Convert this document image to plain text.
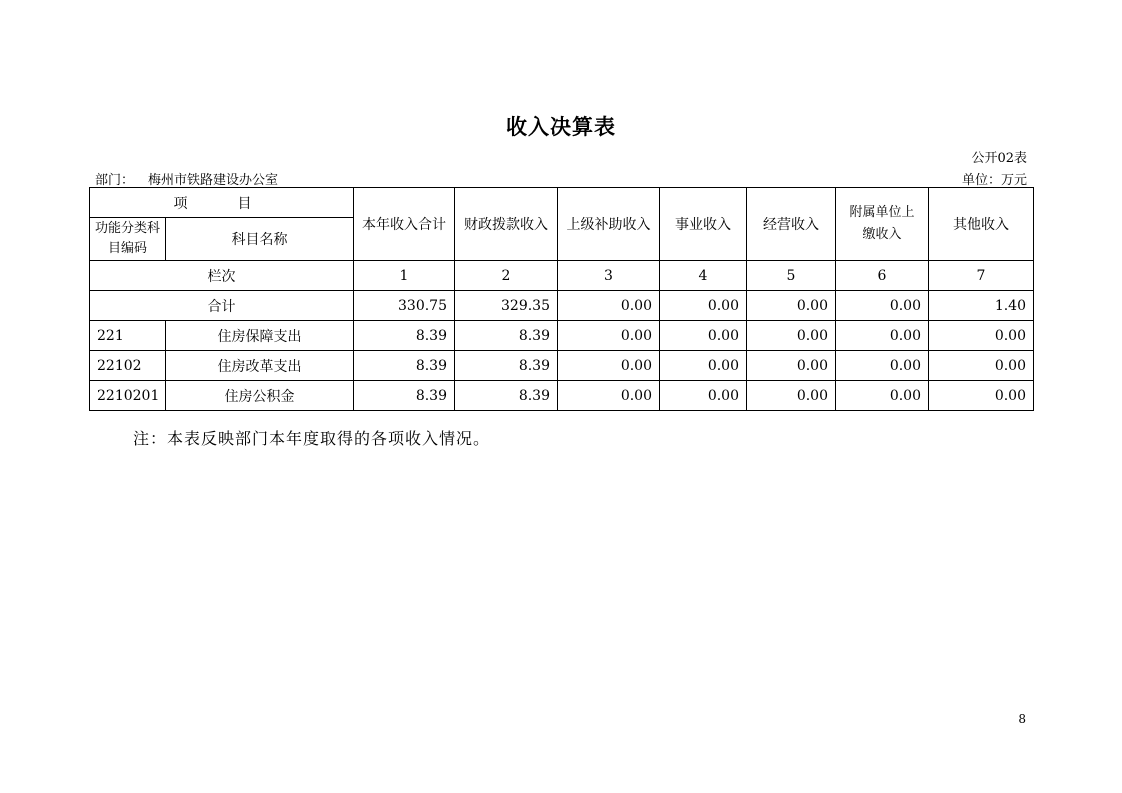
收入决算表
公开02表
部门： 梅州市铁路建设办公室	单位：万元
项　目		本年收入合计	财政拨款收入	上级补助收入	事业收入	经营收入	附属单位上缴收入	其他收入

功能分类科目编码	科目名称							
栏次		1	2	3	4	5	6	7
合计		330.75	329.35	0.00	0.00	0.00	0.00	1.40
221	住房保障支出	8.39	8.39	0.00	0.00	0.00	0.00	0.00
22102	住房改革支出	8.39	8.39	0.00	0.00	0.00	0.00	0.00
2210201	住房公积金	8.39	8.39	0.00	0.00	0.00	0.00	0.00
注：本表反映部门本年度取得的各项收入情况。
8
